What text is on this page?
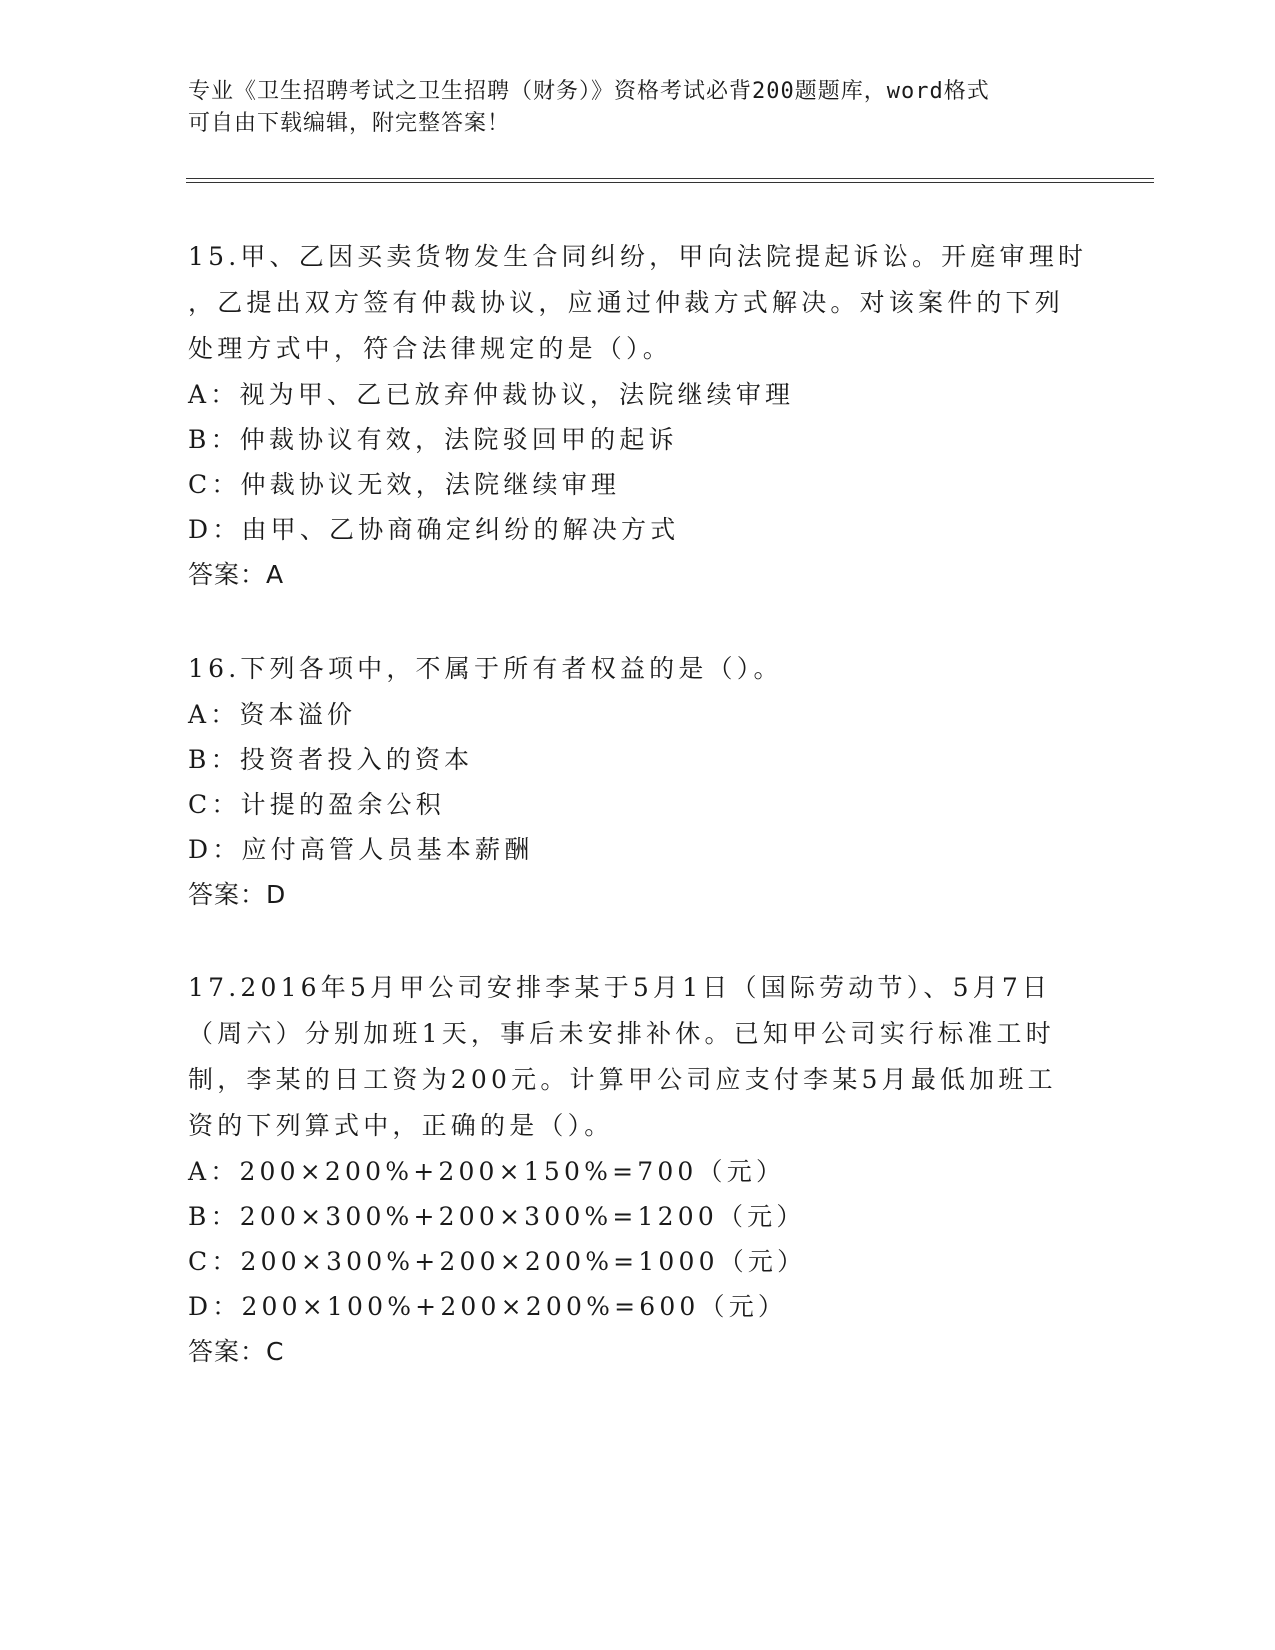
专业《卫生招聘考试之卫生招聘（财务）》资格考试必背200题题库，word格式
可自由下载编辑，附完整答案！
15.甲、乙因买卖货物发生合同纠纷，甲向法院提起诉讼。开庭审理时
，乙提出双方签有仲裁协议，应通过仲裁方式解决。对该案件的下列
处理方式中，符合法律规定的是（）。
A：视为甲、乙已放弃仲裁协议，法院继续审理
B：仲裁协议有效，法院驳回甲的起诉
C：仲裁协议无效，法院继续审理
D：由甲、乙协商确定纠纷的解决方式
答案：A
16.下列各项中，不属于所有者权益的是（）。
A：资本溢价
B：投资者投入的资本
C：计提的盈余公积
D：应付高管人员基本薪酬
答案：D
17.2016年5月甲公司安排李某于5月1日（国际劳动节）、5月7日
（周六）分别加班1天，事后未安排补休。已知甲公司实行标准工时
制，李某的日工资为200元。计算甲公司应支付李某5月最低加班工
资的下列算式中，正确的是（）。
A：200×200%+200×150%=700（元）
B：200×300%+200×300%=1200（元）
C：200×300%+200×200%=1000（元）
D：200×100%+200×200%=600（元）
答案：C
